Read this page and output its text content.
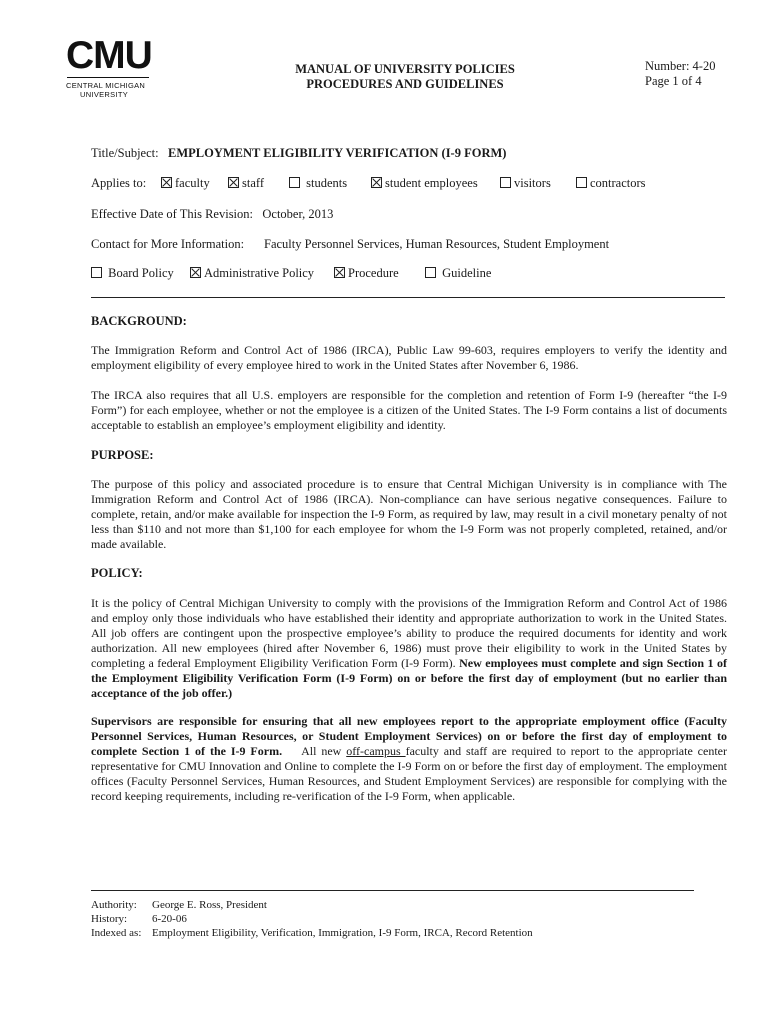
CMU
CENTRAL MICHIGAN
UNIVERSITY
MANUAL OF UNIVERSITY POLICIES
PROCEDURES AND GUIDELINES
Number: 4-20
Page 1 of 4
Title/Subject: EMPLOYMENT ELIGIBILITY VERIFICATION (I-9 FORM)
Applies to:	faculty	staff	students	student employees	visitors	contractors
Effective Date of This Revision: October, 2013
Contact for More Information: Faculty Personnel Services, Human Resources, Student Employment
Board Policy	Administrative Policy	Procedure	Guideline
BACKGROUND:
The Immigration Reform and Control Act of 1986 (IRCA), Public Law 99-603, requires employers to verify the identity and employment eligibility of every employee hired to work in the United States after November 6, 1986.
The IRCA also requires that all U.S. employers are responsible for the completion and retention of Form I-9 (hereafter “the I-9 Form”) for each employee, whether or not the employee is a citizen of the United States. The I-9 Form contains a list of documents acceptable to establish an employee’s employment eligibility and identity.
PURPOSE:
The purpose of this policy and associated procedure is to ensure that Central Michigan University is in compliance with The Immigration Reform and Control Act of 1986 (IRCA). Non-compliance can have serious negative consequences. Failure to complete, retain, and/or make available for inspection the I-9 Form, as required by law, may result in a civil monetary penalty of not less than $110 and not more than $1,100 for each employee for whom the I-9 Form was not properly completed, retained, and/or made available.
POLICY:
It is the policy of Central Michigan University to comply with the provisions of the Immigration Reform and Control Act of 1986 and employ only those individuals who have established their identity and appropriate authorization to work in the United States. All job offers are contingent upon the prospective employee’s ability to produce the required documents for identity and work authorization. All new employees (hired after November 6, 1986) must prove their eligibility to work in the United States by completing a federal Employment Eligibility Verification Form (I-9 Form). New employees must complete and sign Section 1 of the Employment Eligibility Verification Form (I-9 Form) on or before the first day of employment (but no earlier than acceptance of the job offer.)
Supervisors are responsible for ensuring that all new employees report to the appropriate employment office (Faculty Personnel Services, Human Resources, or Student Employment Services) on or before the first day of employment to complete Section 1 of the I-9 Form.    All new off-campus faculty and staff are required to report to the appropriate center representative for CMU Innovation and Online to complete the I-9 Form on or before the first day of employment. The employment offices (Faculty Personnel Services, Human Resources, and Student Employment Services) are responsible for complying with the record keeping requirements, including re-verification of the I-9 Form, when applicable.
Authority: George E. Ross, President
History: 6-20-06
Indexed as: Employment Eligibility, Verification, Immigration, I-9 Form, IRCA, Record Retention
